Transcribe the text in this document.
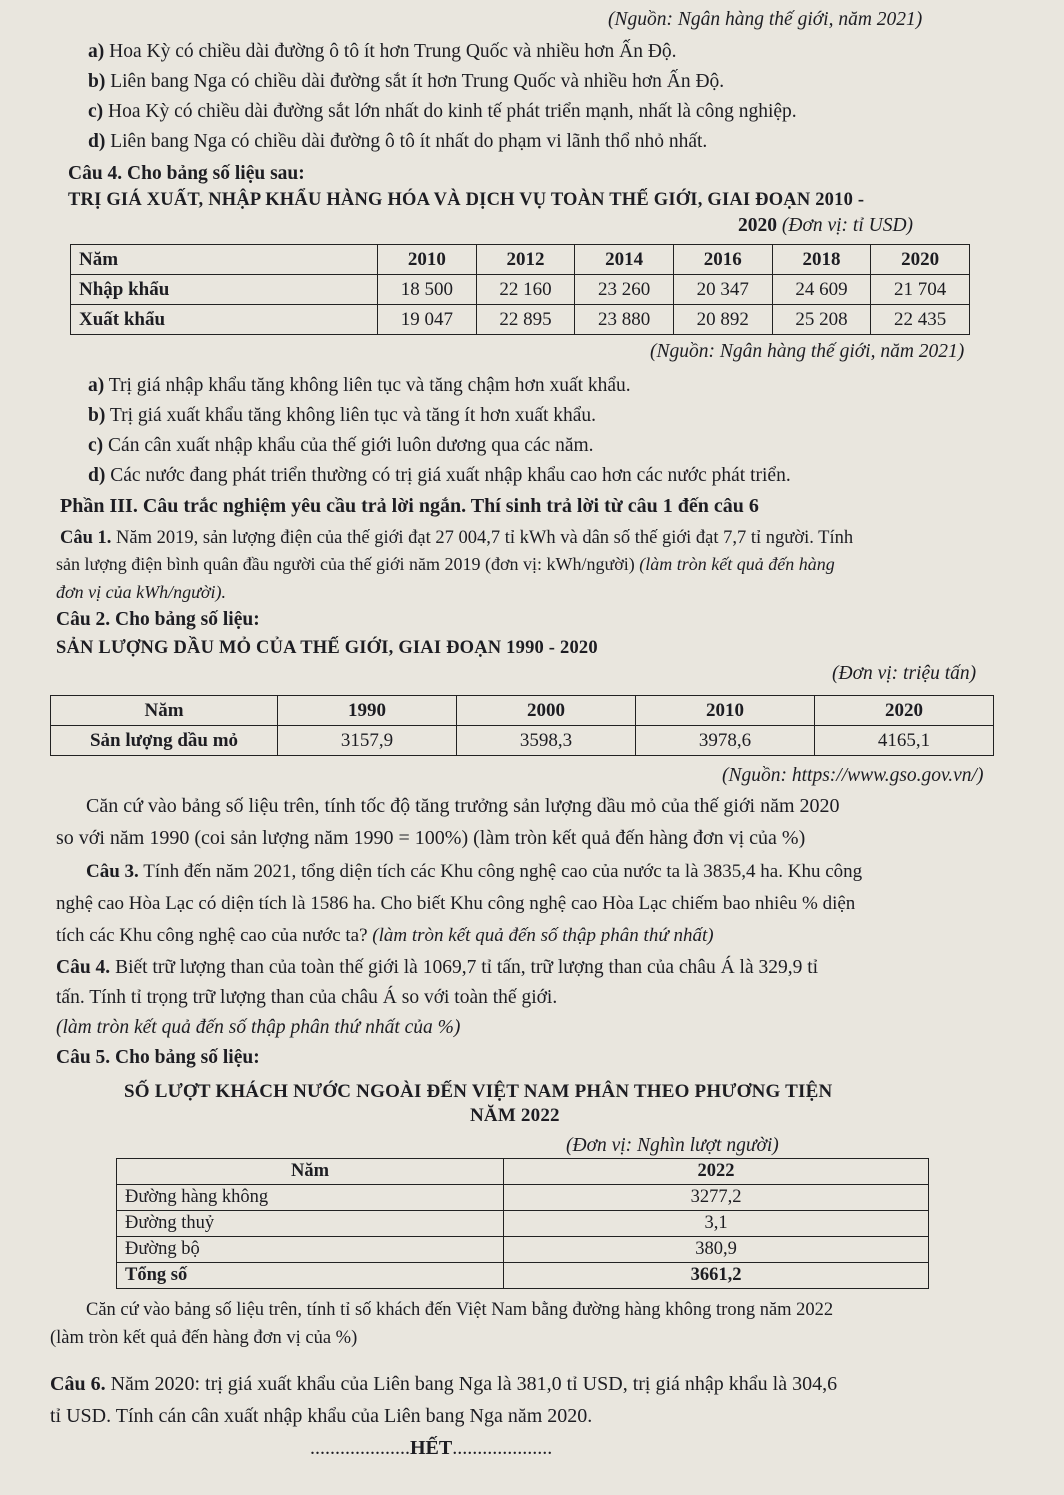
(Nguồn: Ngân hàng thế giới, năm 2021)
a) Hoa Kỳ có chiều dài đường ô tô ít hơn Trung Quốc và nhiều hơn Ấn Độ.
b) Liên bang Nga có chiều dài đường sắt ít hơn Trung Quốc và nhiều hơn Ấn Độ.
c) Hoa Kỳ có chiều dài đường sắt lớn nhất do kinh tế phát triển mạnh, nhất là công nghiệp.
d) Liên bang Nga có chiều dài đường ô tô ít nhất do phạm vi lãnh thổ nhỏ nhất.
Câu 4. Cho bảng số liệu sau:
TRỊ GIÁ XUẤT, NHẬP KHẨU HÀNG HÓA VÀ DỊCH VỤ TOÀN THẾ GIỚI, GIAI ĐOẠN 2010 -
2020 (Đơn vị: tỉ USD)
Năm	2010	2012	2014	2016	2018	2020
Nhập khẩu	18 500	22 160	23 260	20 347	24 609	21 704
Xuất khẩu	19 047	22 895	23 880	20 892	25 208	22 435
(Nguồn: Ngân hàng thế giới, năm 2021)
a) Trị giá nhập khẩu tăng không liên tục và tăng chậm hơn xuất khẩu.
b) Trị giá xuất khẩu tăng không liên tục và tăng ít hơn xuất khẩu.
c) Cán cân xuất nhập khẩu của thế giới luôn dương qua các năm.
d) Các nước đang phát triển thường có trị giá xuất nhập khẩu cao hơn các nước phát triển.
Phần III. Câu trắc nghiệm yêu cầu trả lời ngắn. Thí sinh trả lời từ câu 1 đến câu 6
Câu 1. Năm 2019, sản lượng điện của thế giới đạt 27 004,7 tỉ kWh và dân số thế giới đạt 7,7 tỉ người. Tính
sản lượng điện bình quân đầu người của thế giới năm 2019 (đơn vị: kWh/người) (làm tròn kết quả đến hàng
đơn vị của kWh/người).
Câu 2. Cho bảng số liệu:
SẢN LƯỢNG DẦU MỎ CỦA THẾ GIỚI, GIAI ĐOẠN 1990 - 2020
(Đơn vị: triệu tấn)
Năm	1990	2000	2010	2020
Sản lượng dầu mỏ	3157,9	3598,3	3978,6	4165,1
(Nguồn: https://www.gso.gov.vn/)
Căn cứ vào bảng số liệu trên, tính tốc độ tăng trưởng sản lượng dầu mỏ của thế giới năm 2020
so với năm 1990 (coi sản lượng năm 1990 = 100%) (làm tròn kết quả đến hàng đơn vị của %)
Câu 3. Tính đến năm 2021, tổng diện tích các Khu công nghệ cao của nước ta là 3835,4 ha. Khu công
nghệ cao Hòa Lạc có diện tích là 1586 ha. Cho biết Khu công nghệ cao Hòa Lạc chiếm bao nhiêu % diện
tích các Khu công nghệ cao của nước ta? (làm tròn kết quả đến số thập phân thứ nhất)
Câu 4. Biết trữ lượng than của toàn thế giới là 1069,7 tỉ tấn, trữ lượng than của châu Á là 329,9 tỉ
tấn. Tính tỉ trọng trữ lượng than của châu Á so với toàn thế giới.
(làm tròn kết quả đến số thập phân thứ nhất của %)
Câu 5. Cho bảng số liệu:
SỐ LƯỢT KHÁCH NƯỚC NGOÀI ĐẾN VIỆT NAM PHÂN THEO PHƯƠNG TIỆN
NĂM 2022
(Đơn vị: Nghìn lượt người)
Năm	2022
Đường hàng không	3277,2
Đường thuỷ	3,1
Đường bộ	380,9
Tổng số	3661,2
Căn cứ vào bảng số liệu trên, tính tỉ số khách đến Việt Nam bằng đường hàng không trong năm 2022
(làm tròn kết quả đến hàng đơn vị của %)
Câu 6. Năm 2020: trị giá xuất khẩu của Liên bang Nga là 381,0 tỉ USD, trị giá nhập khẩu là 304,6
tỉ USD. Tính cán cân xuất nhập khẩu của Liên bang Nga năm 2020.
....................HẾT....................
